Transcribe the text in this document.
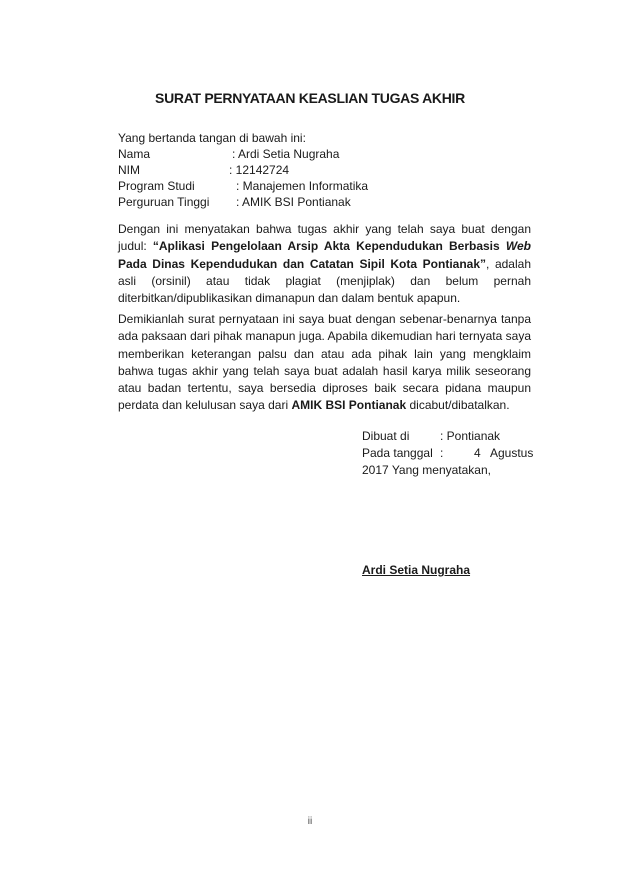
SURAT PERNYATAAN KEASLIAN TUGAS AKHIR
Yang bertanda tangan di bawah ini:
Nama	: Ardi Setia Nugraha
NIM	: 12142724
Program Studi	: Manajemen Informatika
Perguruan Tinggi : AMIK BSI Pontianak
Dengan ini menyatakan bahwa tugas akhir yang telah saya buat dengan judul: “Aplikasi Pengelolaan Arsip Akta Kependudukan Berbasis Web Pada Dinas Kependudukan dan Catatan Sipil Kota Pontianak”, adalah asli (orsinil) atau tidak plagiat (menjiplak) dan belum pernah diterbitkan/dipublikasikan dimanapun dan dalam bentuk apapun.
Demikianlah surat pernyataan ini saya buat dengan sebenar-benarnya tanpa ada paksaan dari pihak manapun juga. Apabila dikemudian hari ternyata saya memberikan keterangan palsu dan atau ada pihak lain yang mengklaim bahwa tugas akhir yang telah saya buat adalah hasil karya milik seseorang atau badan tertentu, saya bersedia diproses baik secara pidana maupun perdata dan kelulusan saya dari AMIK BSI Pontianak dicabut/dibatalkan.
Dibuat di	: Pontianak
Pada tanggal :	4 Agustus
2017 Yang menyatakan,
Ardi Setia Nugraha
ii
